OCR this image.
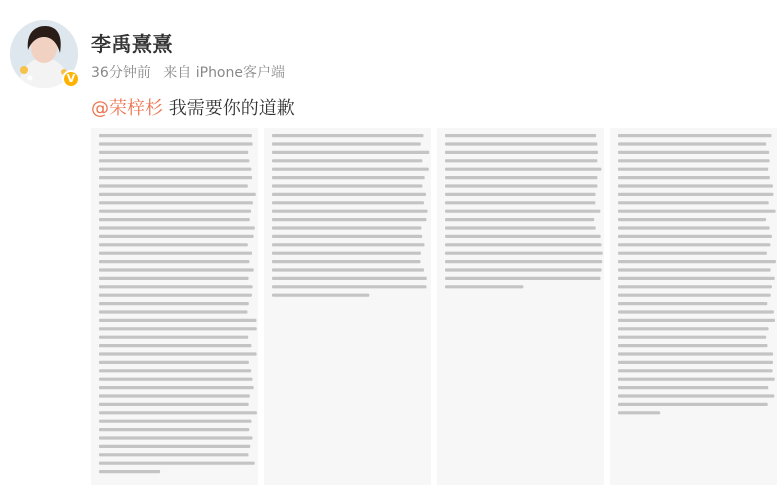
V
李禹熹熹
36分钟前 来自 iPhone客户端
@荣梓杉 我需要你的道歉
